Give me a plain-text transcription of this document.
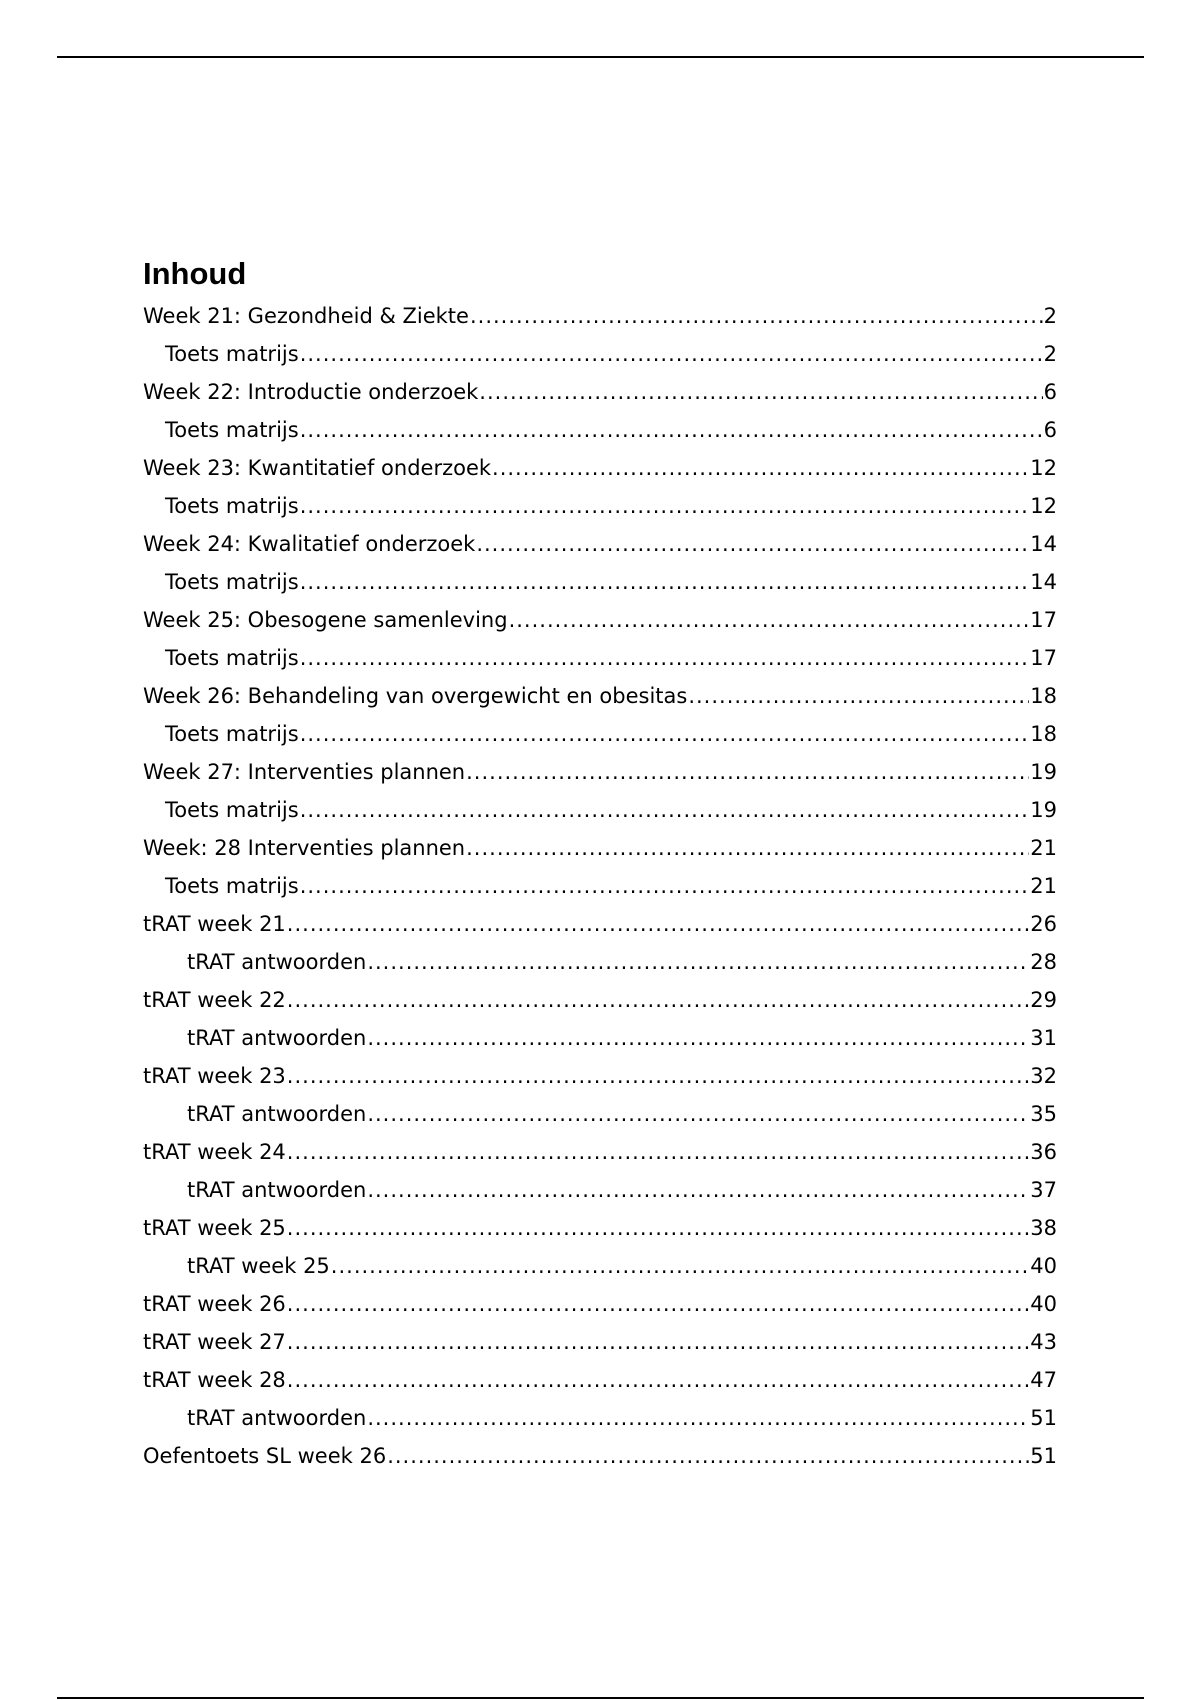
Inhoud
Week 21: Gezondheid & Ziekte .....	2
Toets matrijs .....	2
Week 22: Introductie onderzoek .....	6
Toets matrijs .....	6
Week 23: Kwantitatief onderzoek .....	12
Toets matrijs .....	12
Week 24: Kwalitatief onderzoek .....	14
Toets matrijs .....	14
Week 25: Obesogene samenleving .....	17
Toets matrijs .....	17
Week 26: Behandeling van overgewicht en obesitas .....	18
Toets matrijs .....	18
Week 27: Interventies plannen .....	19
Toets matrijs .....	19
Week: 28 Interventies plannen .....	21
Toets matrijs .....	21
tRAT week 21 .....	26
tRAT antwoorden .....	28
tRAT week 22 .....	29
tRAT antwoorden .....	31
tRAT week 23 .....	32
tRAT antwoorden .....	35
tRAT week 24 .....	36
tRAT antwoorden .....	37
tRAT week 25 .....	38
tRAT week 25 .....	40
tRAT week 26 .....	40
tRAT week 27 .....	43
tRAT week 28 .....	47
tRAT antwoorden .....	51
Oefentoets SL week 26 .....	51
